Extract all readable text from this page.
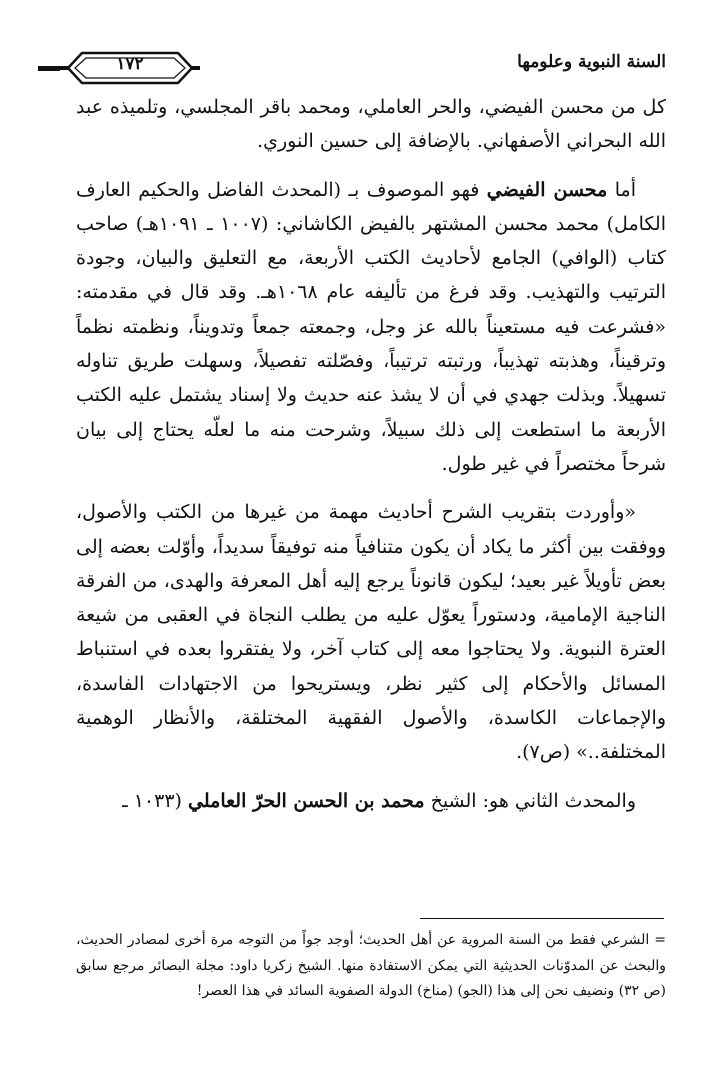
السنة النبوية وعلومها
١٧٢

كل من محسن الفيضي، والحر العاملي، ومحمد باقر المجلسي، وتلميذه عبد الله البحراني الأصفهاني. بالإضافة إلى حسين النوري.

أما محسن الفيضي فهو الموصوف بـ (المحدث الفاضل والحكيم العارف الكامل) محمد محسن المشتهر بالفيض الكاشاني: (١٠٠٧ ـ ١٠٩١هـ) صاحب كتاب (الوافي) الجامع لأحاديث الكتب الأربعة، مع التعليق والبيان، وجودة الترتيب والتهذيب. وقد فرغ من تأليفه عام ١٠٦٨هـ. وقد قال في مقدمته: «فشرعت فيه مستعيناً بالله عز وجل، وجمعته جمعاً وتدويناً، ونظمته نظماً وترقيناً، وهذبته تهذيباً، ورتبته ترتيباً، وفصّلته تفصيلاً، وسهلت طريق تناوله تسهيلاً. وبذلت جهدي في أن لا يشذ عنه حديث ولا إسناد يشتمل عليه الكتب الأربعة ما استطعت إلى ذلك سبيلاً، وشرحت منه ما لعلّه يحتاج إلى بيان شرحاً مختصراً في غير طول.

«وأوردت بتقريب الشرح أحاديث مهمة من غيرها من الكتب والأصول، ووفقت بين أكثر ما يكاد أن يكون متنافياً منه توفيقاً سديداً، وأوّلت بعضه إلى بعض تأويلاً غير بعيد؛ ليكون قانوناً يرجع إليه أهل المعرفة والهدى، من الفرقة الناجية الإمامية، ودستوراً يعوّل عليه من يطلب النجاة في العقبى من شيعة العترة النبوية. ولا يحتاجوا معه إلى كتاب آخر، ولا يفتقروا بعده في استنباط المسائل والأحكام إلى كثير نظر، ويستريحوا من الاجتهادات الفاسدة، والإجماعات الكاسدة، والأصول الفقهية المختلقة، والأنظار الوهمية المختلفة..» (ص٧).

والمحدث الثاني هو: الشيخ محمد بن الحسن الحرّ العاملي (١٠٣٣ ـ

= الشرعي فقط من السنة المروية عن أهل الحديث؛ أوجد جواً من التوجه مرة أخرى لمصادر الحديث، والبحث عن المدوّنات الحديثية التي يمكن الاستفادة منها. الشيخ زكريا داود: مجلة البصائر مرجع سابق (ص ٣٢) ونضيف نحن إلى هذا (الجو) (مناخ) الدولة الصفوية السائد في هذا العصر!
